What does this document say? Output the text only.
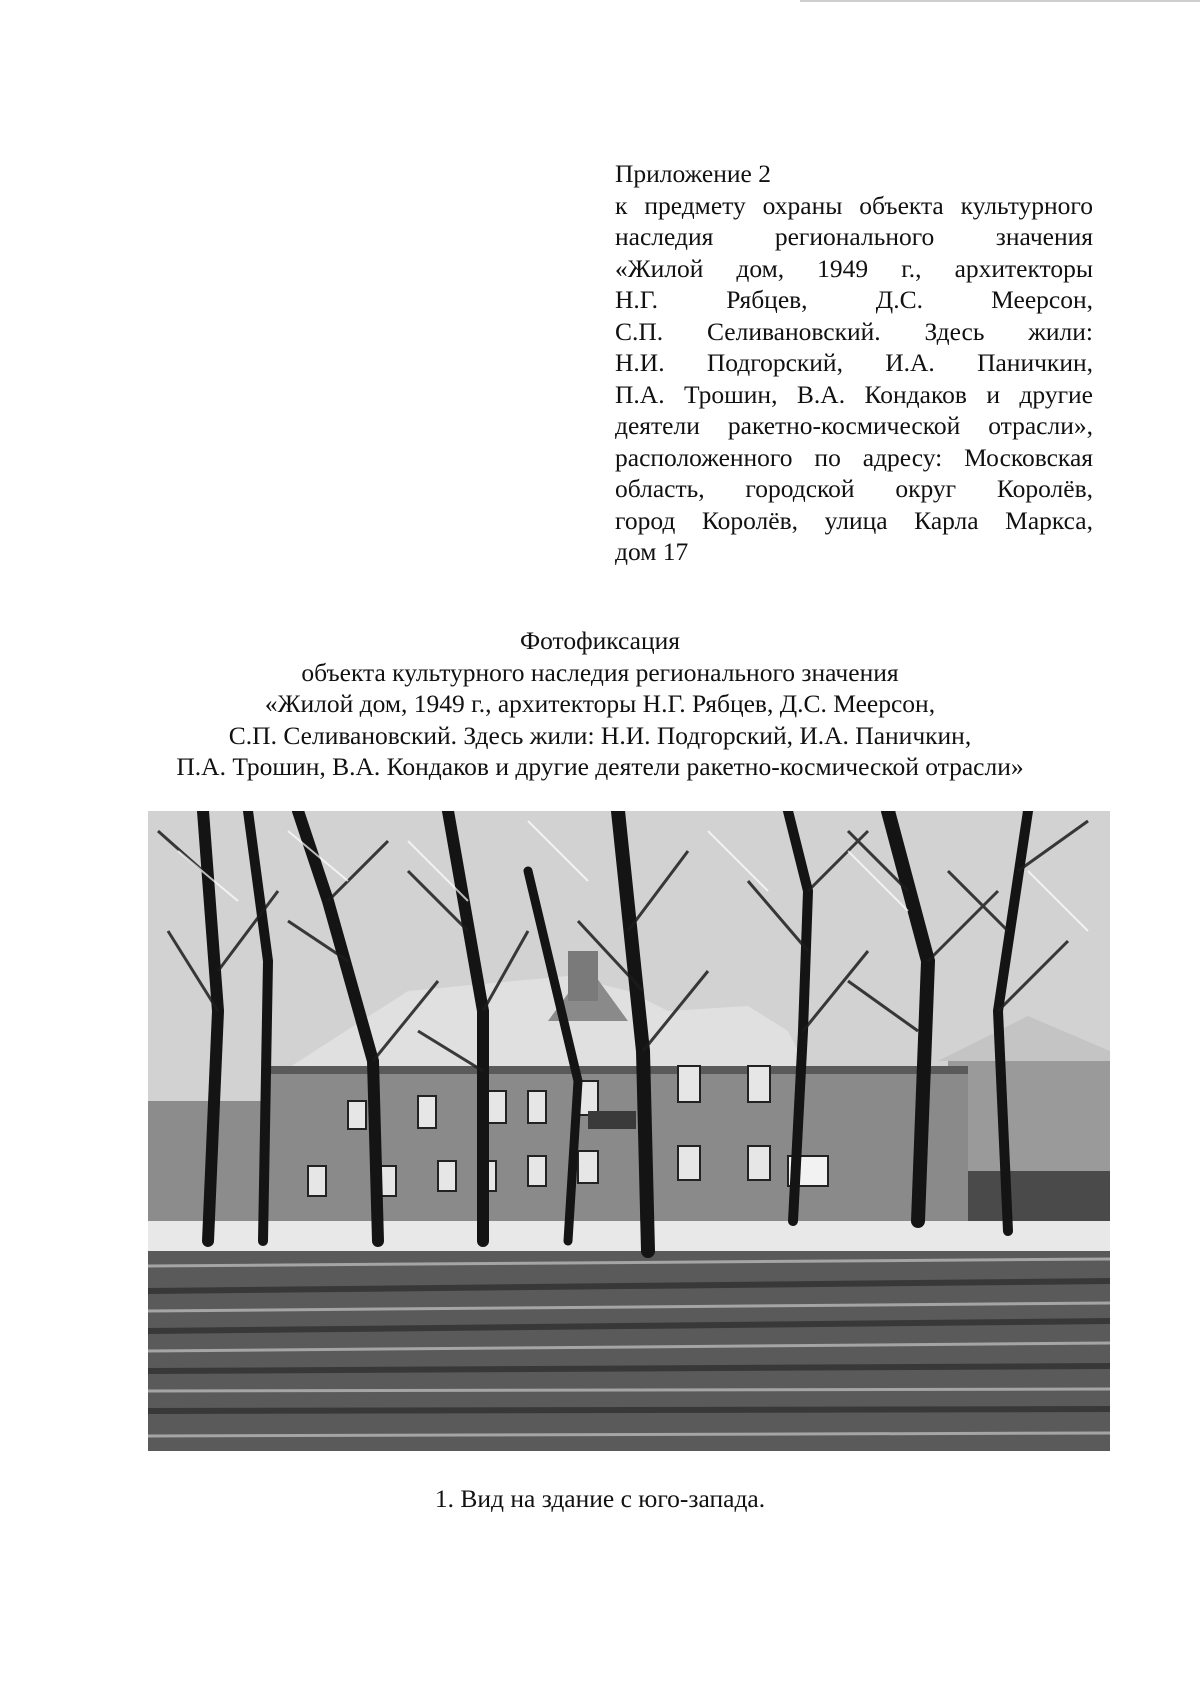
Приложение 2
к предмету охраны объекта культурного
наследия регионального значения
«Жилой дом, 1949 г., архитекторы
Н.Г. Рябцев, Д.С. Меерсон,
С.П. Селивановский. Здесь жили:
Н.И. Подгорский, И.А. Паничкин,
П.А. Трошин, В.А. Кондаков и другие
деятели ракетно-космической отрасли»,
расположенного по адресу: Московская
область, городской округ Королёв,
город Королёв, улица Карла Маркса,
дом 17
Фотофиксация
объекта культурного наследия регионального значения
«Жилой дом, 1949 г., архитекторы Н.Г. Рябцев, Д.С. Меерсон,
С.П. Селивановский. Здесь жили: Н.И. Подгорский, И.А. Паничкин,
П.А. Трошин, В.А. Кондаков и другие деятели ракетно-космической отрасли»
1. Вид на здание с юго-запада.
